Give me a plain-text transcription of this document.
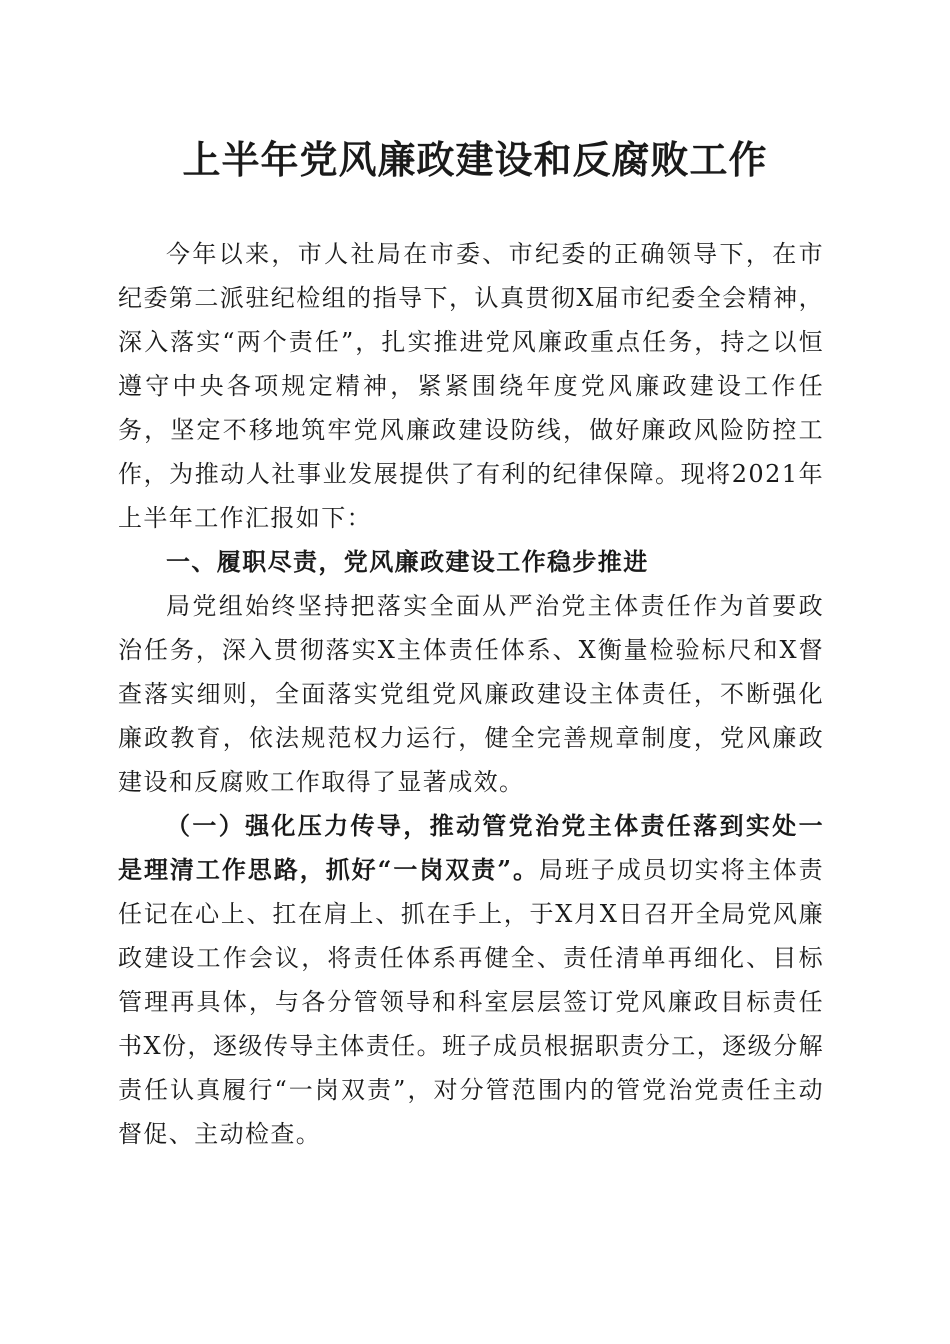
上半年党风廉政建设和反腐败工作

今年以来，市人社局在市委、市纪委的正确领导下，在市纪委第二派驻纪检组的指导下，认真贯彻X届市纪委全会精神，深入落实“两个责任”，扎实推进党风廉政重点任务，持之以恒遵守中央各项规定精神，紧紧围绕年度党风廉政建设工作任务，坚定不移地筑牢党风廉政建设防线，做好廉政风险防控工作，为推动人社事业发展提供了有利的纪律保障。现将2021年上半年工作汇报如下：

一、履职尽责，党风廉政建设工作稳步推进

局党组始终坚持把落实全面从严治党主体责任作为首要政治任务，深入贯彻落实X主体责任体系、X衡量检验标尺和X督查落实细则，全面落实党组党风廉政建设主体责任，不断强化廉政教育，依法规范权力运行，健全完善规章制度，党风廉政建设和反腐败工作取得了显著成效。

（一）强化压力传导，推动管党治党主体责任落到实处一是理清工作思路，抓好“一岗双责”。局班子成员切实将主体责任记在心上、扛在肩上、抓在手上，于X月X日召开全局党风廉政建设工作会议，将责任体系再健全、责任清单再细化、目标管理再具体，与各分管领导和科室层层签订党风廉政目标责任书X份，逐级传导主体责任。班子成员根据职责分工，逐级分解责任认真履行“一岗双责”，对分管范围内的管党治党责任主动督促、主动检查。
